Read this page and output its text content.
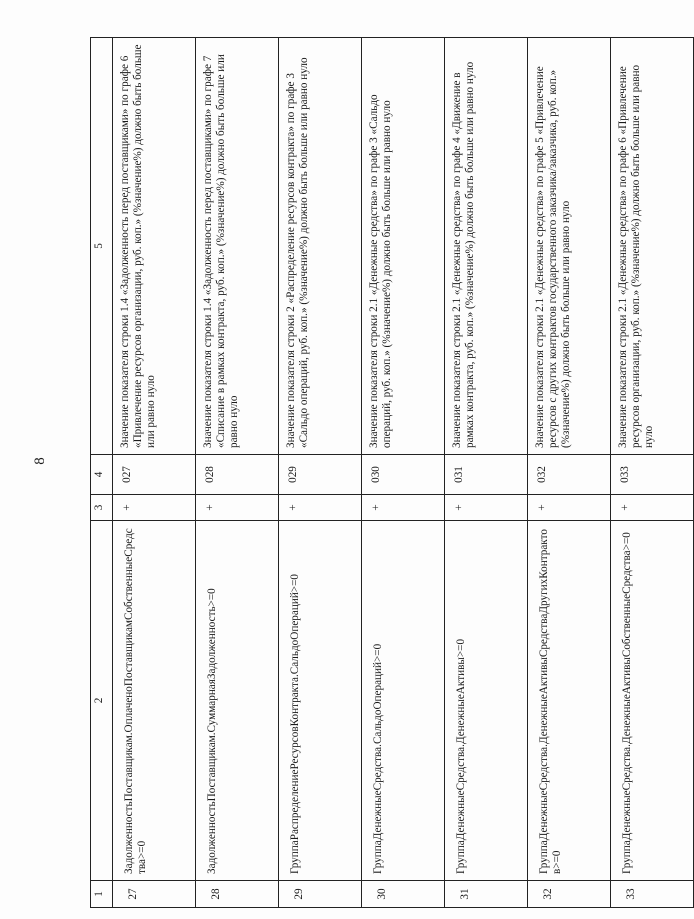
8
1	2	3	4	5
27	ЗадолженностьПоставщикам.ОплаченоПоставщикамСобственныеСредства>=0	+	027	Значение показателя строки 1.4 «Задолженность перед поставщиками» по графе 6 «Привлечение ресурсов организации, руб. коп.» (%значение%) должно быть больше или равно нуло
28	ЗадолженностьПоставщикам.СуммарнаяЗадолженность>=0	+	028	Значение показателя строки 1.4 «Задолженность перед поставщиками» по графе 7 «Списание в рамках контракта, руб. коп.» (%значение%) должно быть больше или равно нуло
29	ГруппаРаспределениеРесурсовКонтракта.СальдоОпераций>=0	+	029	Значение показателя строки 2 «Распределение ресурсов контракта» по графе 3 «Сальдо операций, руб. коп.» (%значение%) должно быть больше или равно нуло
30	ГруппаДенежныеСредства.СальдоОпераций>=0	+	030	Значение показателя строки 2.1 «Денежные средства» по графе 3 «Сальдо операций, руб. коп.» (%значение%) должно быть больше или равно нуло
31	ГруппаДенежныеСредства.ДенежныеАктивы>=0	+	031	Значение показателя строки 2.1 «Денежные средства» по графе 4 «Движение в рамках контракта, руб. коп.» (%значение%) должно быть больше или равно нуло
32	ГруппаДенежныеСредства.ДенежныеАктивыСредстваДругихКонтрактов>=0	+	032	Значение показателя строки 2.1 «Денежные средства» по графе 5 «Привлечение ресурсов с других контрактов государственного заказчика/заказчика, руб. коп.» (%значение%) должно быть больше или равно нуло
33	ГруппаДенежныеСредства.ДенежныеАктивыСобственныеСредства>=0	+	033	Значение показателя строки 2.1 «Денежные средства» по графе 6 «Привлечение ресурсов организации, руб. коп.» (%значение%) должно быть больше или равно нуло
